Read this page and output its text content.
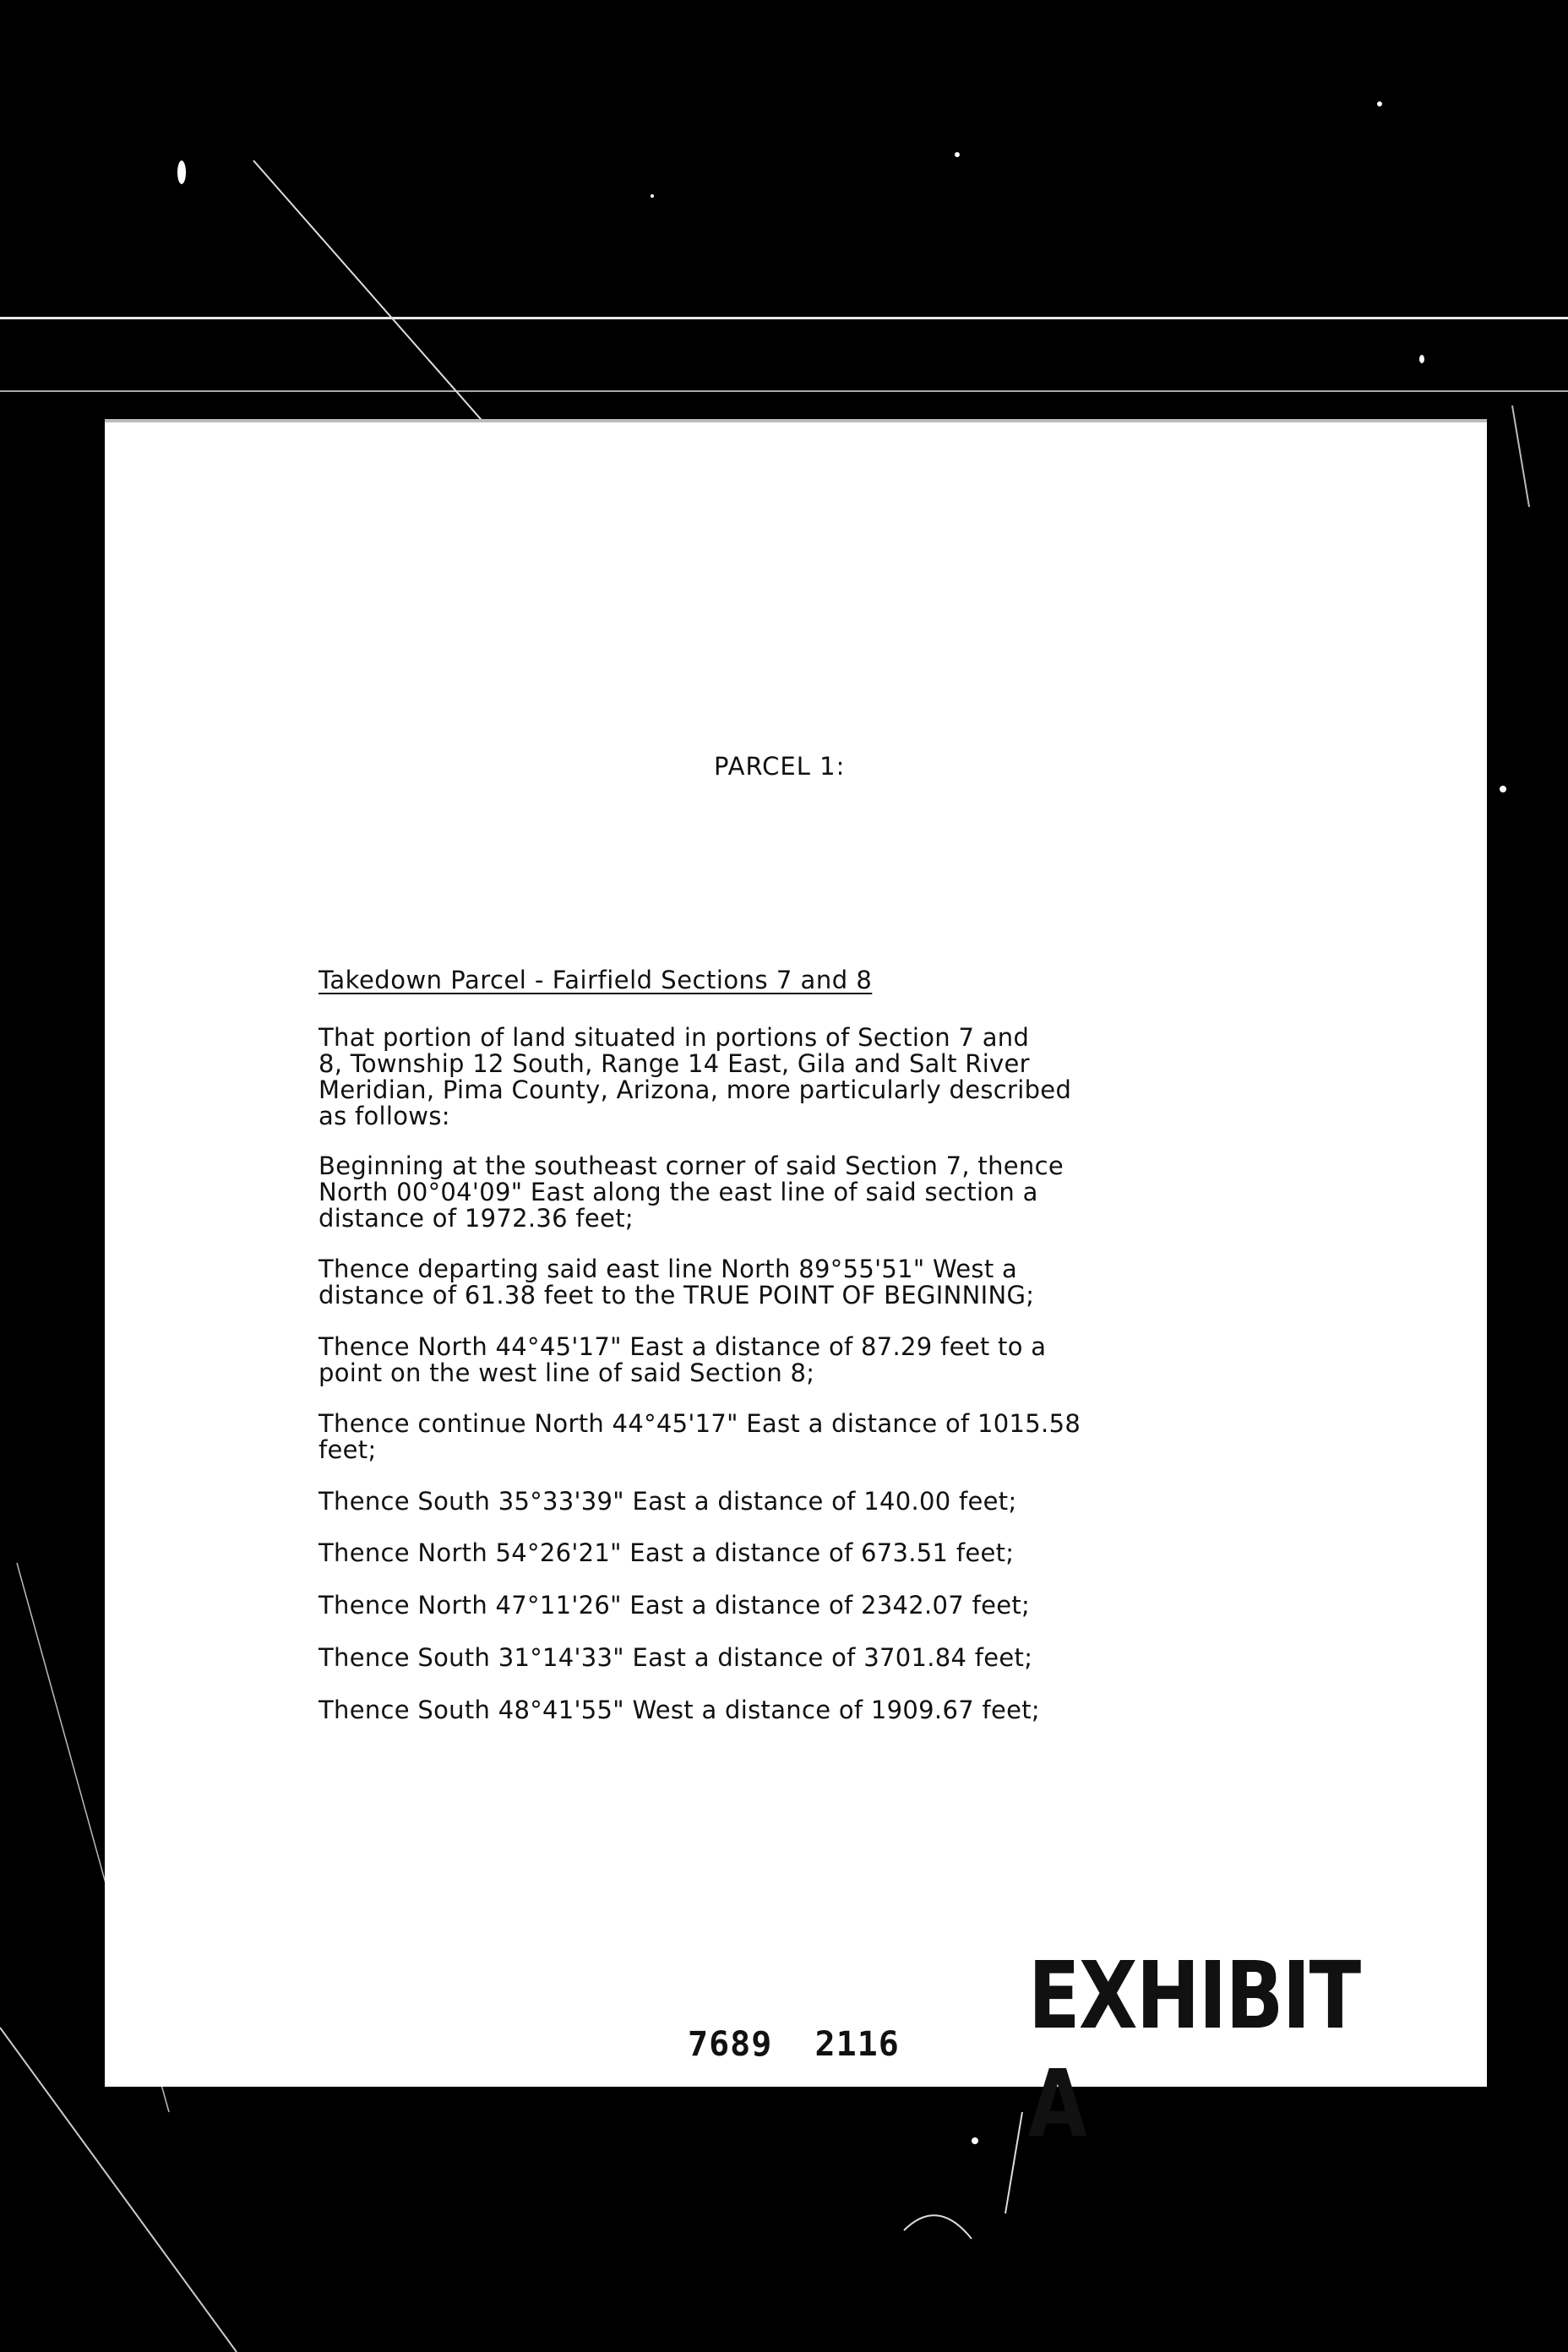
PARCEL 1:

Takedown Parcel - Fairfield Sections 7 and 8

That portion of land situated in portions of Section 7 and
8, Township 12 South, Range 14 East, Gila and Salt River
Meridian, Pima County, Arizona, more particularly described
as follows:

Beginning at the southeast corner of said Section 7, thence
North 00°04'09" East along the east line of said section a
distance of 1972.36 feet;

Thence departing said east line North 89°55'51" West a
distance of 61.38 feet to the TRUE POINT OF BEGINNING;

Thence North 44°45'17" East a distance of 87.29 feet to a
point on the west line of said Section 8;

Thence continue North 44°45'17" East a distance of 1015.58
feet;

Thence South 35°33'39" East a distance of 140.00 feet;

Thence North 54°26'21" East a distance of 673.51 feet;

Thence North 47°11'26" East a distance of 2342.07 feet;

Thence South 31°14'33" East a distance of 3701.84 feet;

Thence South 48°41'55" West a distance of 1909.67 feet;

EXHIBIT A

7689  2116
